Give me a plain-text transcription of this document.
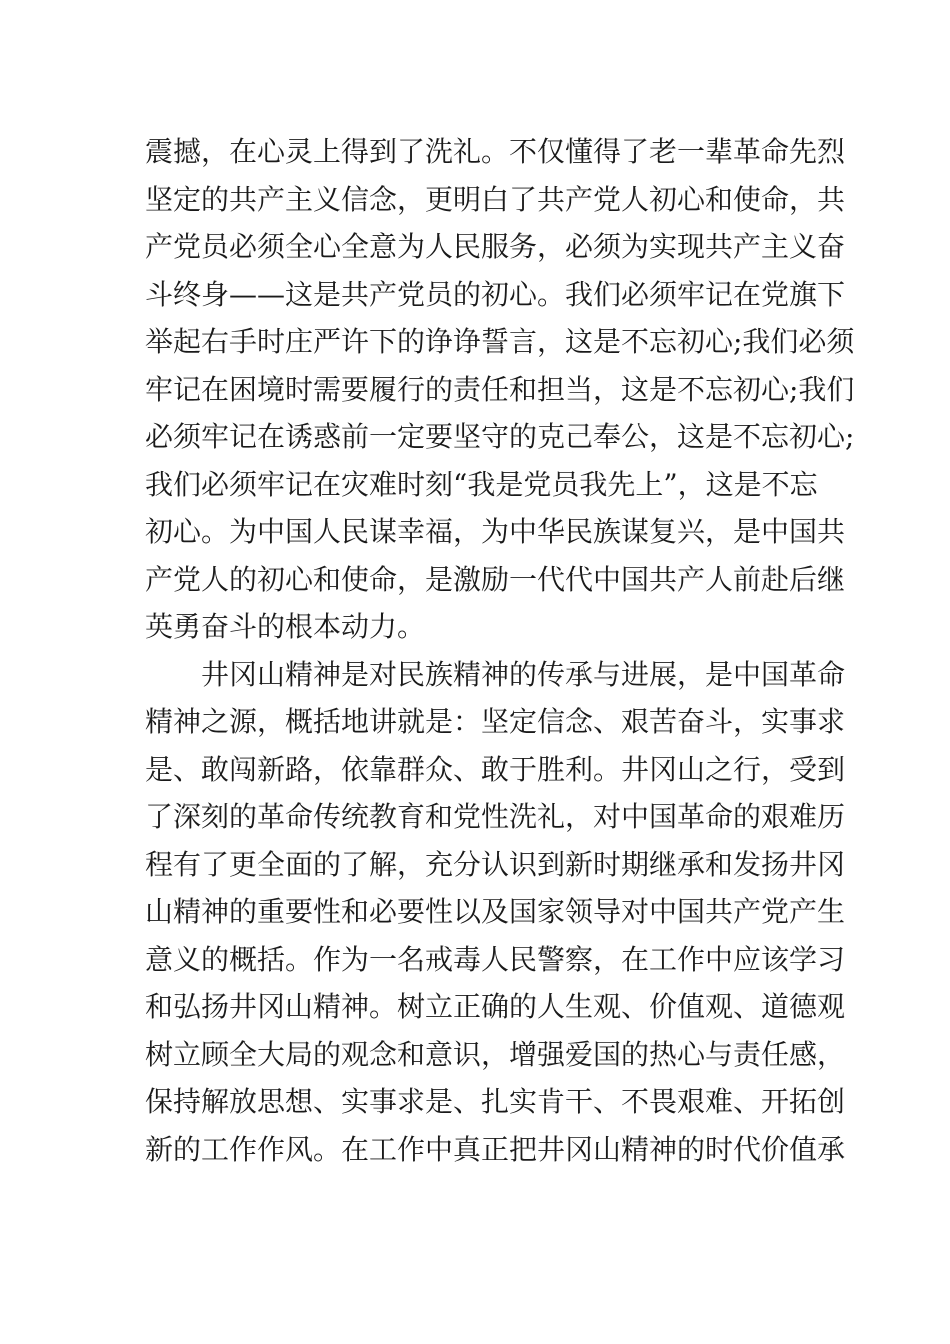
震撼，在心灵上得到了洗礼。不仅懂得了老一辈革命先烈
坚定的共产主义信念，更明白了共产党人初心和使命，共
产党员必须全心全意为人民服务，必须为实现共产主义奋
斗终身——这是共产党员的初心。我们必须牢记在党旗下
举起右手时庄严许下的诤诤誓言，这是不忘初心;我们必须
牢记在困境时需要履行的责任和担当，这是不忘初心;我们
必须牢记在诱惑前一定要坚守的克己奉公，这是不忘初心;
我们必须牢记在灾难时刻“我是党员我先上”，这是不忘
初心。为中国人民谋幸福，为中华民族谋复兴，是中国共
产党人的初心和使命，是激励一代代中国共产人前赴后继
英勇奋斗的根本动力。
井冈山精神是对民族精神的传承与进展，是中国革命
精神之源，概括地讲就是：坚定信念、艰苦奋斗，实事求
是、敢闯新路，依靠群众、敢于胜利。井冈山之行，受到
了深刻的革命传统教育和党性洗礼，对中国革命的艰难历
程有了更全面的了解，充分认识到新时期继承和发扬井冈
山精神的重要性和必要性以及国家领导对中国共产党产生
意义的概括。作为一名戒毒人民警察，在工作中应该学习
和弘扬井冈山精神。树立正确的人生观、价值观、道德观
树立顾全大局的观念和意识，增强爱国的热心与责任感，
保持解放思想、实事求是、扎实肯干、不畏艰难、开拓创
新的工作作风。在工作中真正把井冈山精神的时代价值承
